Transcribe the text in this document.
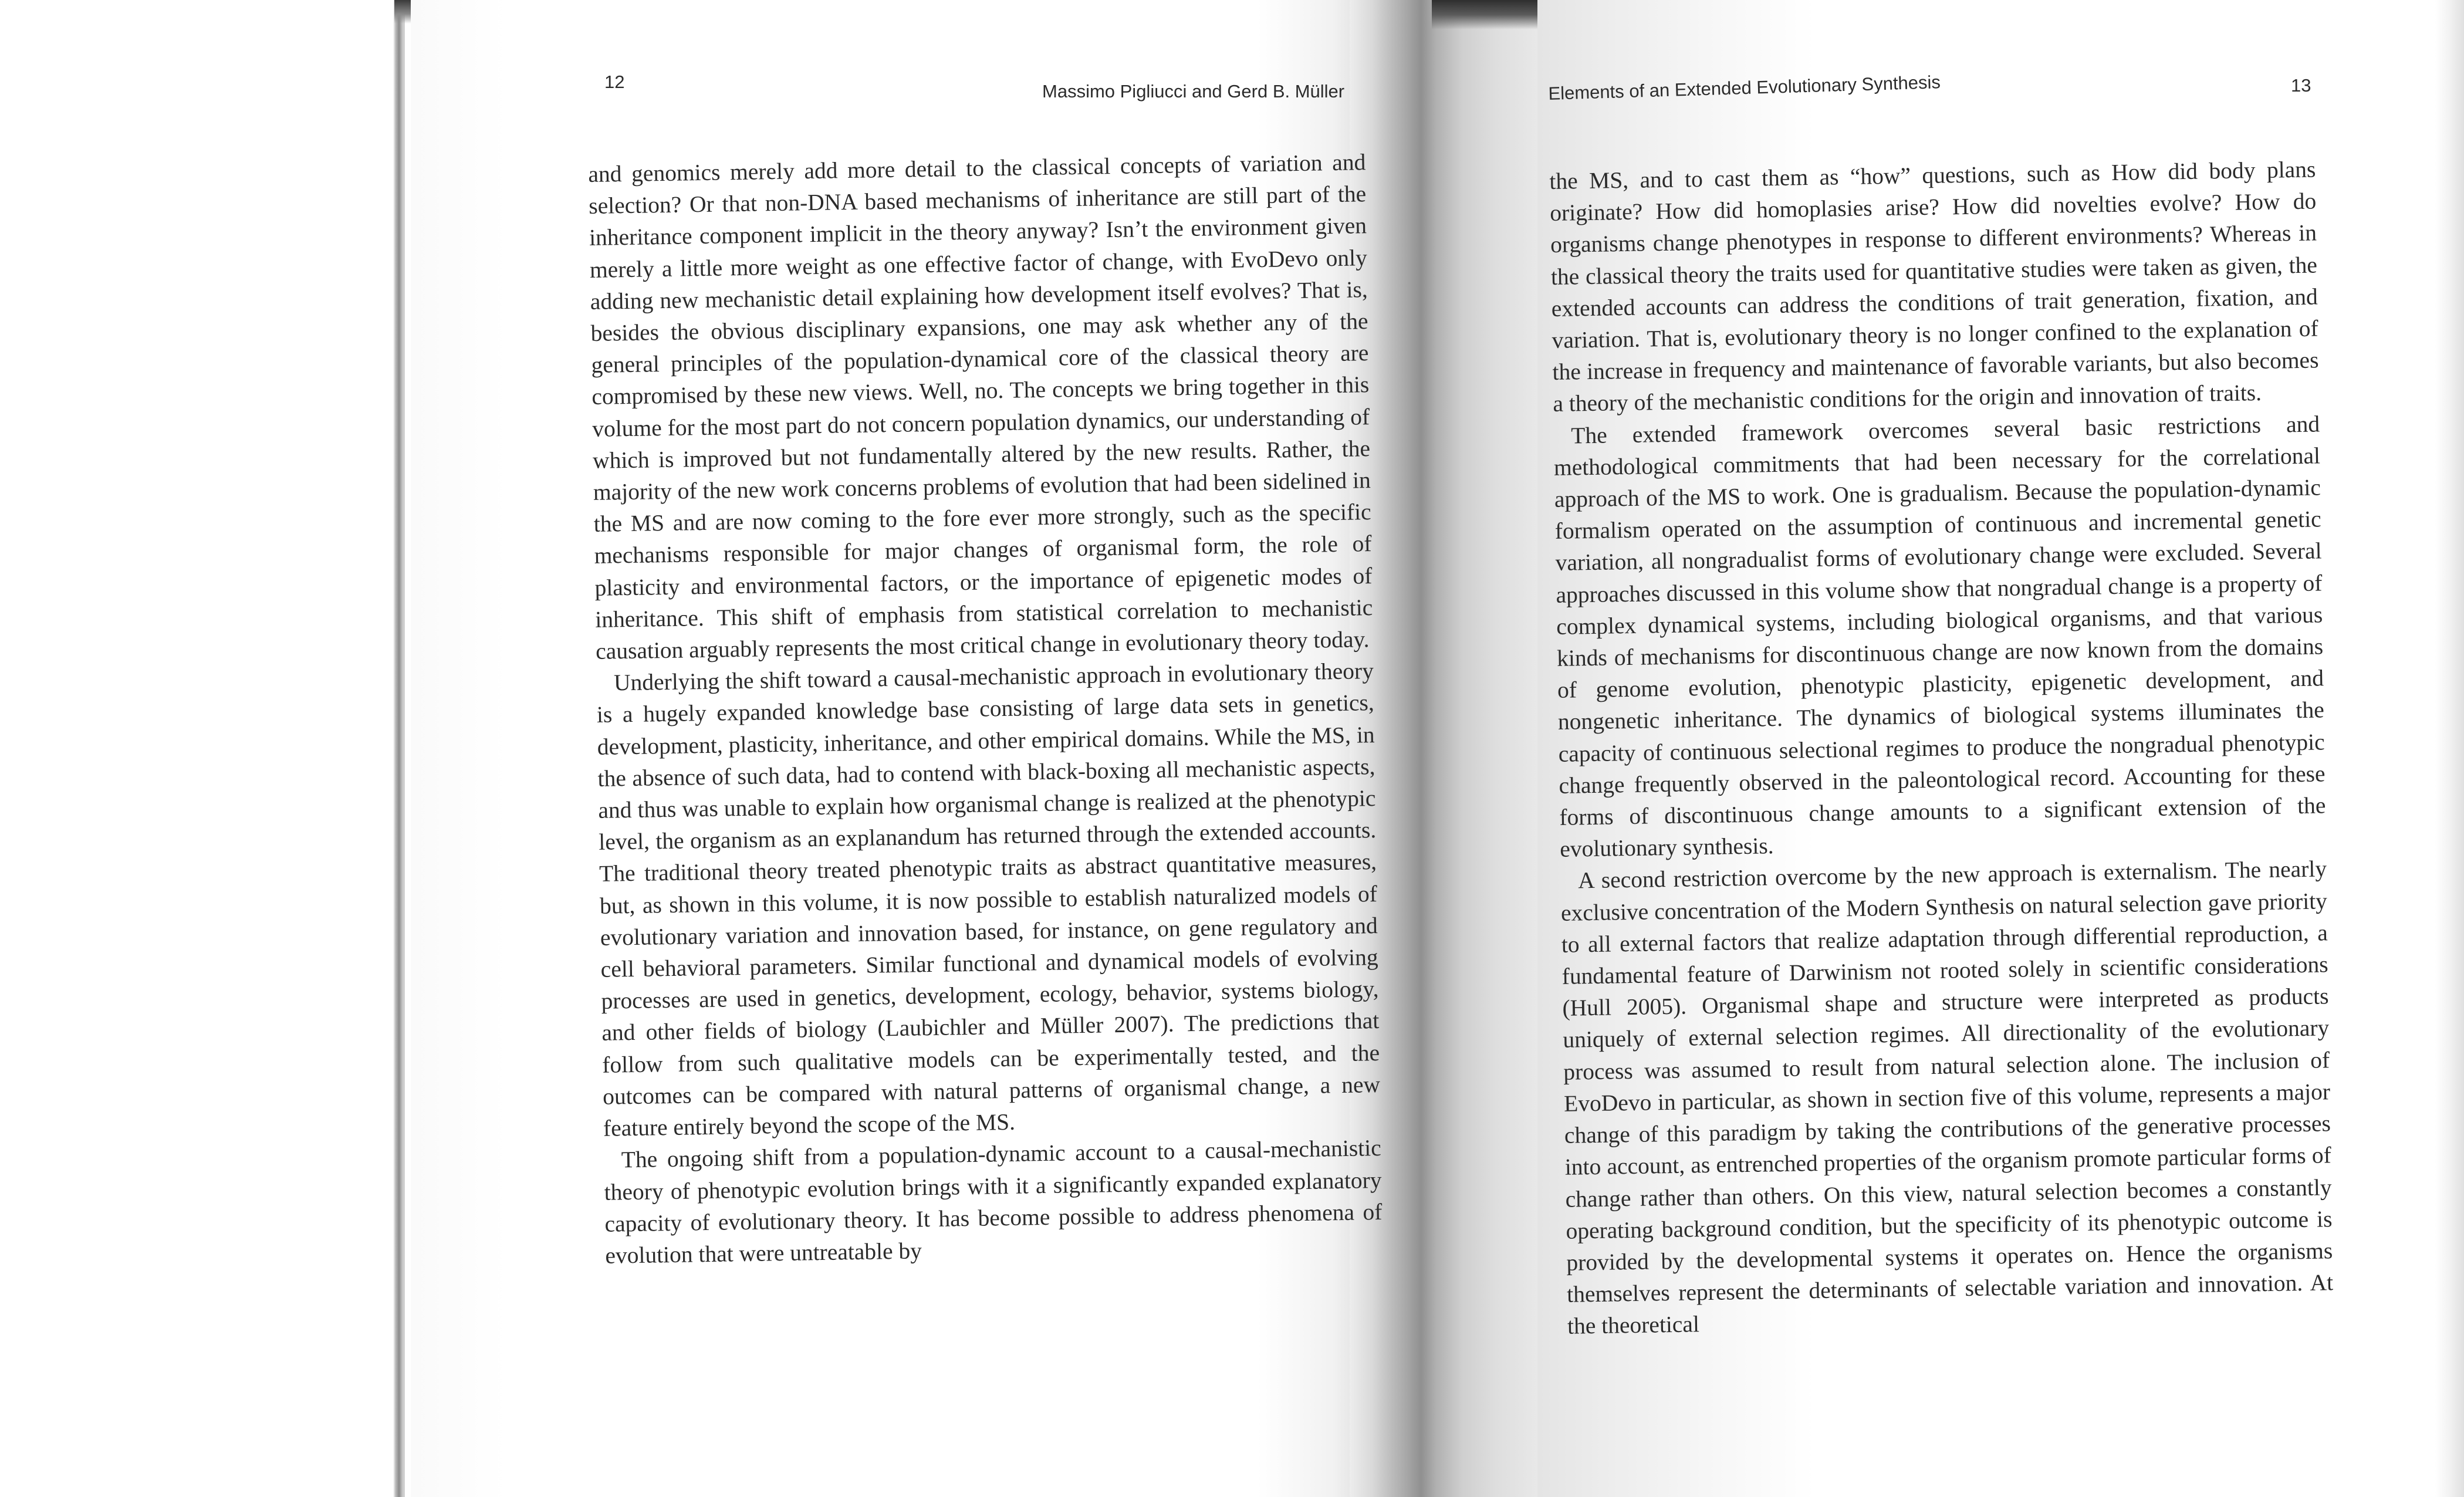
12	Massimo Pigliucci and Gerd B. Müller	Elements of an Extended Evolutionary Synthesis	13

and genomics merely add more detail to the classical concepts of variation and selection? Or that non-DNA based mechanisms of inheritance are still part of the inheritance component implicit in the theory anyway? Isn’t the environment given merely a little more weight as one effective factor of change, with EvoDevo only adding new mechanistic detail explaining how development itself evolves? That is, besides the obvious disciplinary expansions, one may ask whether any of the general principles of the population-dynamical core of the classical theory are compromised by these new views. Well, no. The concepts we bring together in this volume for the most part do not concern population dynamics, our understanding of which is improved but not fundamentally altered by the new results. Rather, the majority of the new work concerns problems of evolution that had been sidelined in the MS and are now coming to the fore ever more strongly, such as the specific mechanisms responsible for major changes of organismal form, the role of plasticity and environmental factors, or the importance of epigenetic modes of inheritance. This shift of emphasis from statistical correlation to mechanistic causation arguably represents the most critical change in evolutionary theory today.

Underlying the shift toward a causal-mechanistic approach in evolutionary theory is a hugely expanded knowledge base consisting of large data sets in genetics, development, plasticity, inheritance, and other empirical domains. While the MS, in the absence of such data, had to contend with black-boxing all mechanistic aspects, and thus was unable to explain how organismal change is realized at the phenotypic level, the organism as an explanandum has returned through the extended accounts. The traditional theory treated phenotypic traits as abstract quantitative measures, but, as shown in this volume, it is now possible to establish naturalized models of evolutionary variation and innovation based, for instance, on gene regulatory and cell behavioral parameters. Similar functional and dynamical models of evolving processes are used in genetics, development, ecology, behavior, systems biology, and other fields of biology (Laubichler and Müller 2007). The predictions that follow from such qualitative models can be experimentally tested, and the outcomes can be compared with natural patterns of organismal change, a new feature entirely beyond the scope of the MS.

The ongoing shift from a population-dynamic account to a causal-mechanistic theory of phenotypic evolution brings with it a significantly expanded explanatory capacity of evolutionary theory. It has become possible to address phenomena of evolution that were untreatable by

the MS, and to cast them as “how” questions, such as How did body plans originate? How did homoplasies arise? How did novelties evolve? How do organisms change phenotypes in response to different environments? Whereas in the classical theory the traits used for quantitative studies were taken as given, the extended accounts can address the conditions of trait generation, fixation, and variation. That is, evolutionary theory is no longer confined to the explanation of the increase in frequency and maintenance of favorable variants, but also becomes a theory of the mechanistic conditions for the origin and innovation of traits.

The extended framework overcomes several basic restrictions and methodological commitments that had been necessary for the correlational approach of the MS to work. One is gradualism. Because the population-dynamic formalism operated on the assumption of continuous and incremental genetic variation, all nongradualist forms of evolutionary change were excluded. Several approaches discussed in this volume show that nongradual change is a property of complex dynamical systems, including biological organisms, and that various kinds of mechanisms for discontinuous change are now known from the domains of genome evolution, phenotypic plasticity, epigenetic development, and nongenetic inheritance. The dynamics of biological systems illuminates the capacity of continuous selectional regimes to produce the nongradual phenotypic change frequently observed in the paleontological record. Accounting for these forms of discontinuous change amounts to a significant extension of the evolutionary synthesis.

A second restriction overcome by the new approach is externalism. The nearly exclusive concentration of the Modern Synthesis on natural selection gave priority to all external factors that realize adaptation through differential reproduction, a fundamental feature of Darwinism not rooted solely in scientific considerations (Hull 2005). Organismal shape and structure were interpreted as products uniquely of external selection regimes. All directionality of the evolutionary process was assumed to result from natural selection alone. The inclusion of EvoDevo in particular, as shown in section five of this volume, represents a major change of this paradigm by taking the contributions of the generative processes into account, as entrenched properties of the organism promote particular forms of change rather than others. On this view, natural selection becomes a constantly operating background condition, but the specificity of its phenotypic outcome is provided by the developmental systems it operates on. Hence the organisms themselves represent the determinants of selectable variation and innovation. At the theoretical
